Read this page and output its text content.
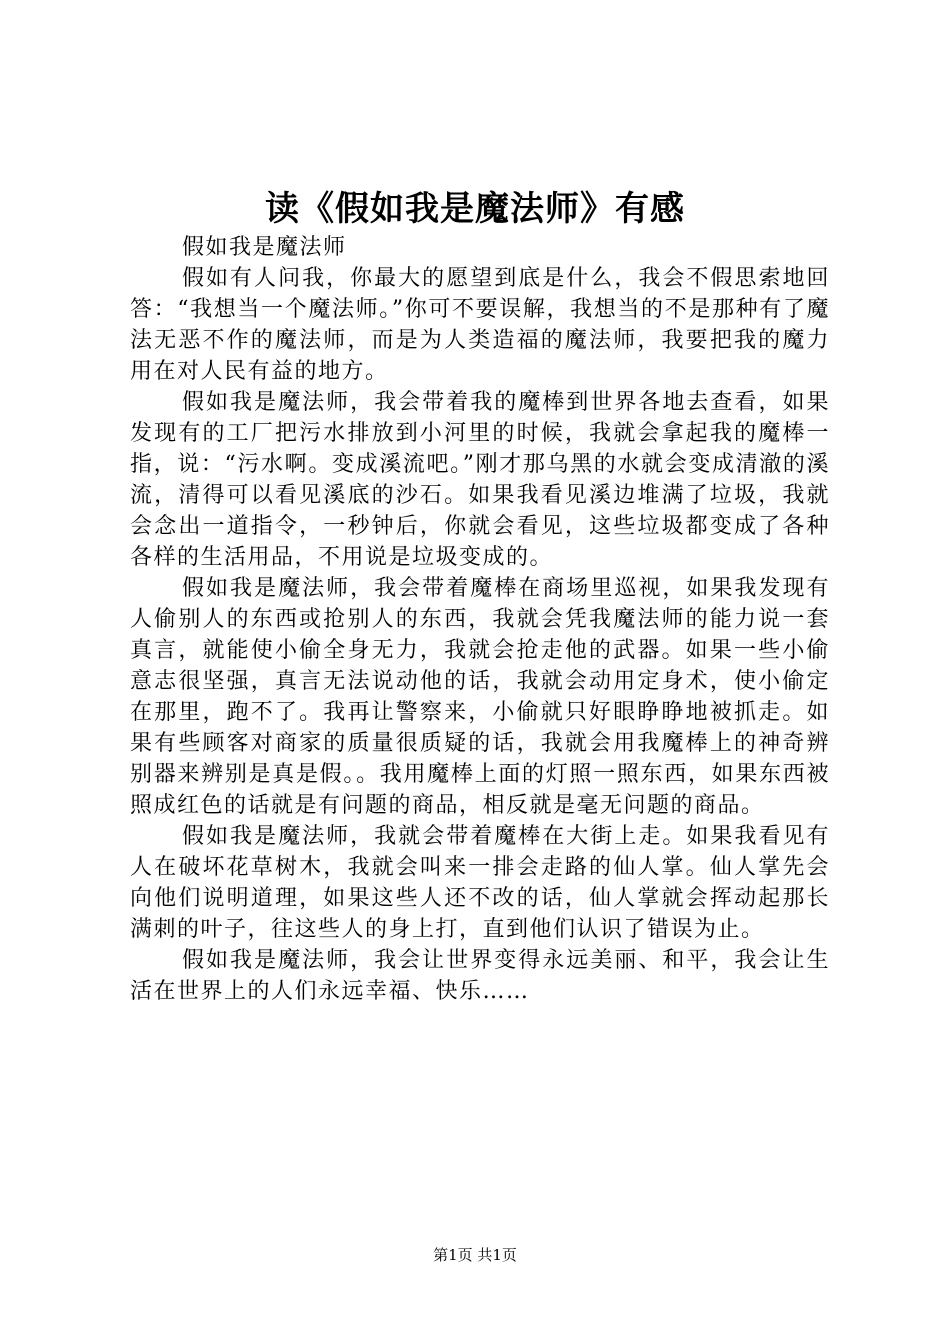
读《假如我是魔法师》有感

假如我是魔法师

假如有人问我，你最大的愿望到底是什么，我会不假思索地回答：“我想当一个魔法师。”你可不要误解，我想当的不是那种有了魔法无恶不作的魔法师，而是为人类造福的魔法师，我要把我的魔力用在对人民有益的地方。

假如我是魔法师，我会带着我的魔棒到世界各地去查看，如果发现有的工厂把污水排放到小河里的时候，我就会拿起我的魔棒一指，说：“污水啊。变成溪流吧。”刚才那乌黑的水就会变成清澈的溪流，清得可以看见溪底的沙石。如果我看见溪边堆满了垃圾，我就会念出一道指令，一秒钟后，你就会看见，这些垃圾都变成了各种各样的生活用品，不用说是垃圾变成的。

假如我是魔法师，我会带着魔棒在商场里巡视，如果我发现有人偷别人的东西或抢别人的东西，我就会凭我魔法师的能力说一套真言，就能使小偷全身无力，我就会抢走他的武器。如果一些小偷意志很坚强，真言无法说动他的话，我就会动用定身术，使小偷定在那里，跑不了。我再让警察来，小偷就只好眼睁睁地被抓走。如果有些顾客对商家的质量很质疑的话，我就会用我魔棒上的神奇辨别器来辨别是真是假。。我用魔棒上面的灯照一照东西，如果东西被照成红色的话就是有问题的商品，相反就是毫无问题的商品。

假如我是魔法师，我就会带着魔棒在大街上走。如果我看见有人在破坏花草树木，我就会叫来一排会走路的仙人掌。仙人掌先会向他们说明道理，如果这些人还不改的话，仙人掌就会挥动起那长满刺的叶子，往这些人的身上打，直到他们认识了错误为止。

假如我是魔法师，我会让世界变得永远美丽、和平，我会让生活在世界上的人们永远幸福、快乐……

第1页 共1页
